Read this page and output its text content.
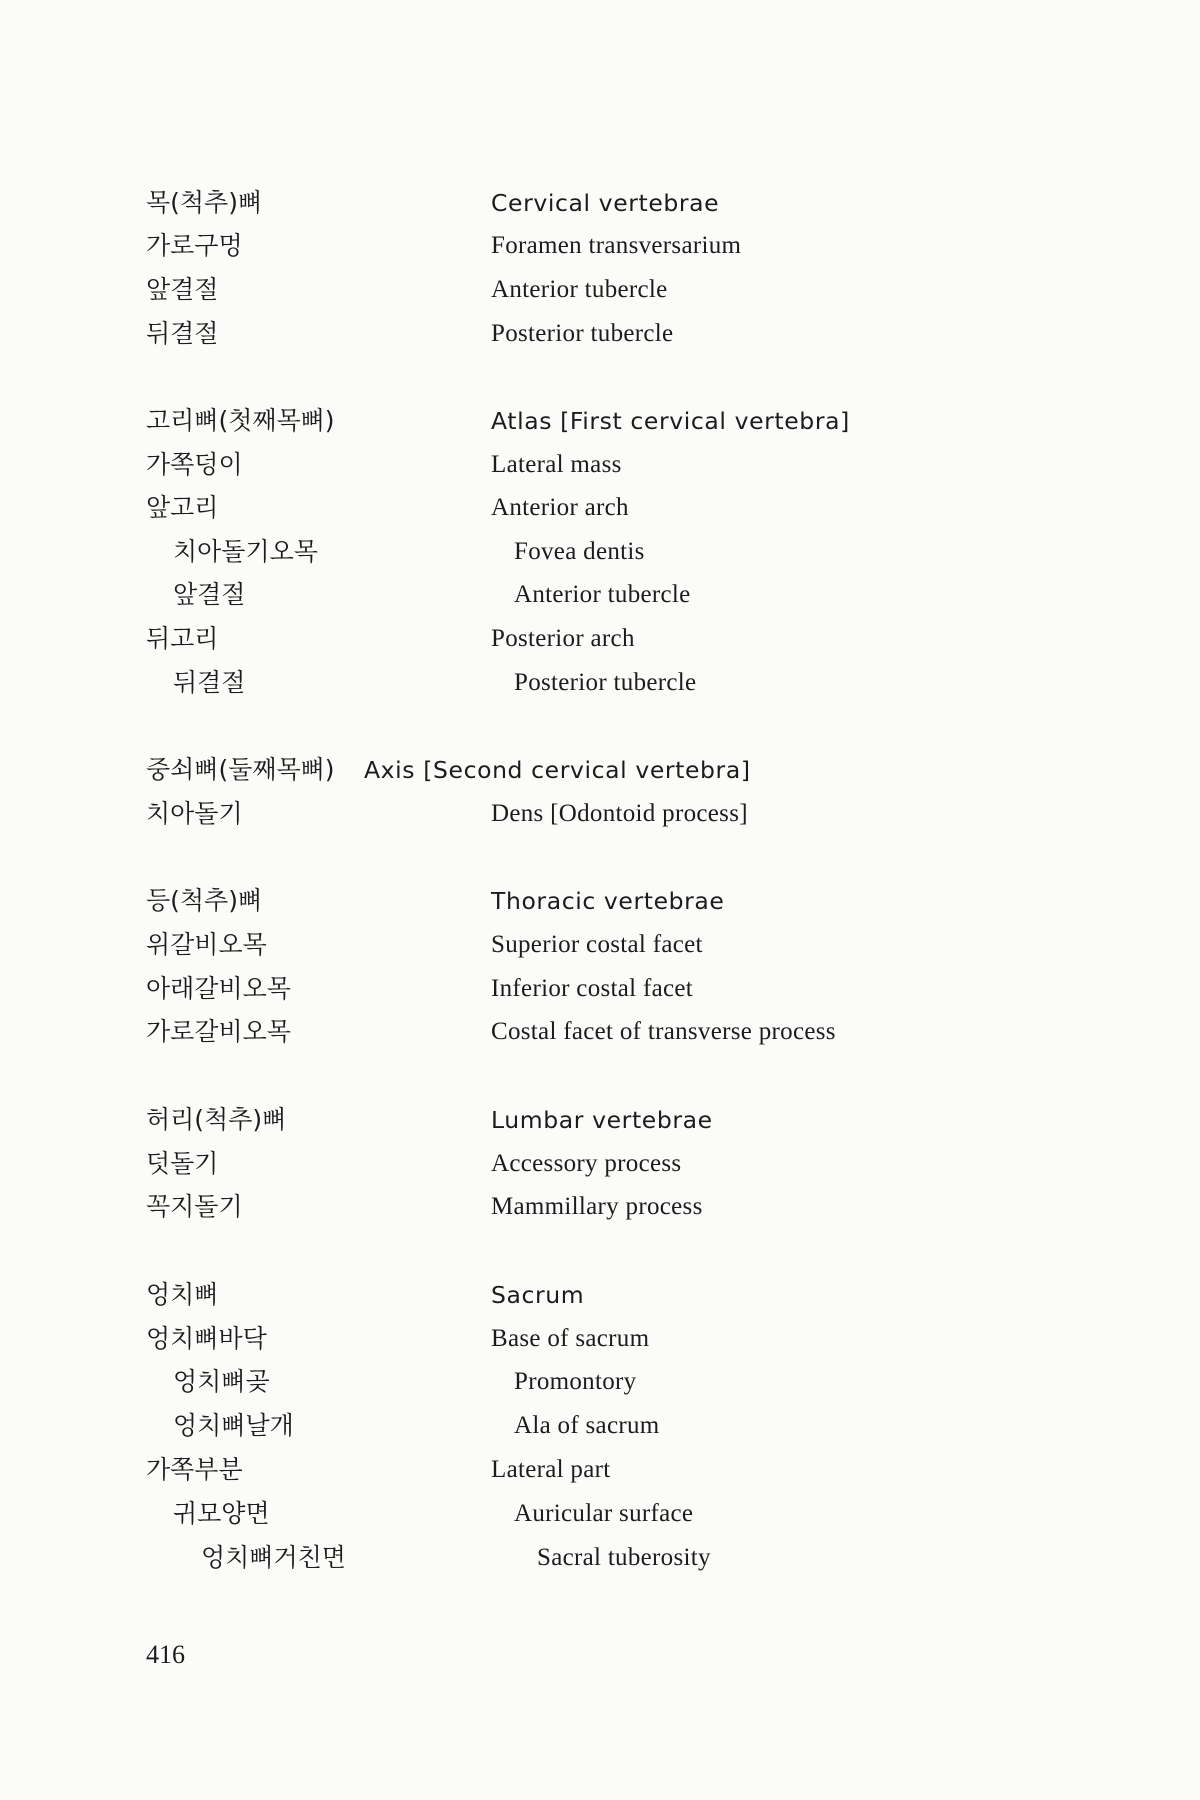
목(척추)뼈	Cervical vertebrae
가로구멍	Foramen transversarium
앞결절	Anterior tubercle
뒤결절	Posterior tubercle
고리뼈(첫째목뼈)	Atlas [First cervical vertebra]
가쪽덩이	Lateral mass
앞고리	Anterior arch
치아돌기오목	Fovea dentis
앞결절	Anterior tubercle
뒤고리	Posterior arch
뒤결절	Posterior tubercle
중쇠뼈(둘째목뼈) Axis [Second cervical vertebra]
치아돌기	Dens [Odontoid process]
등(척추)뼈	Thoracic vertebrae
위갈비오목	Superior costal facet
아래갈비오목	Inferior costal facet
가로갈비오목	Costal facet of transverse process
허리(척추)뼈	Lumbar vertebrae
덧돌기	Accessory process
꼭지돌기	Mammillary process
엉치뼈	Sacrum
엉치뼈바닥	Base of sacrum
엉치뼈곶	Promontory
엉치뼈날개	Ala of sacrum
가쪽부분	Lateral part
귀모양면	Auricular surface
엉치뼈거친면	Sacral tuberosity
416
